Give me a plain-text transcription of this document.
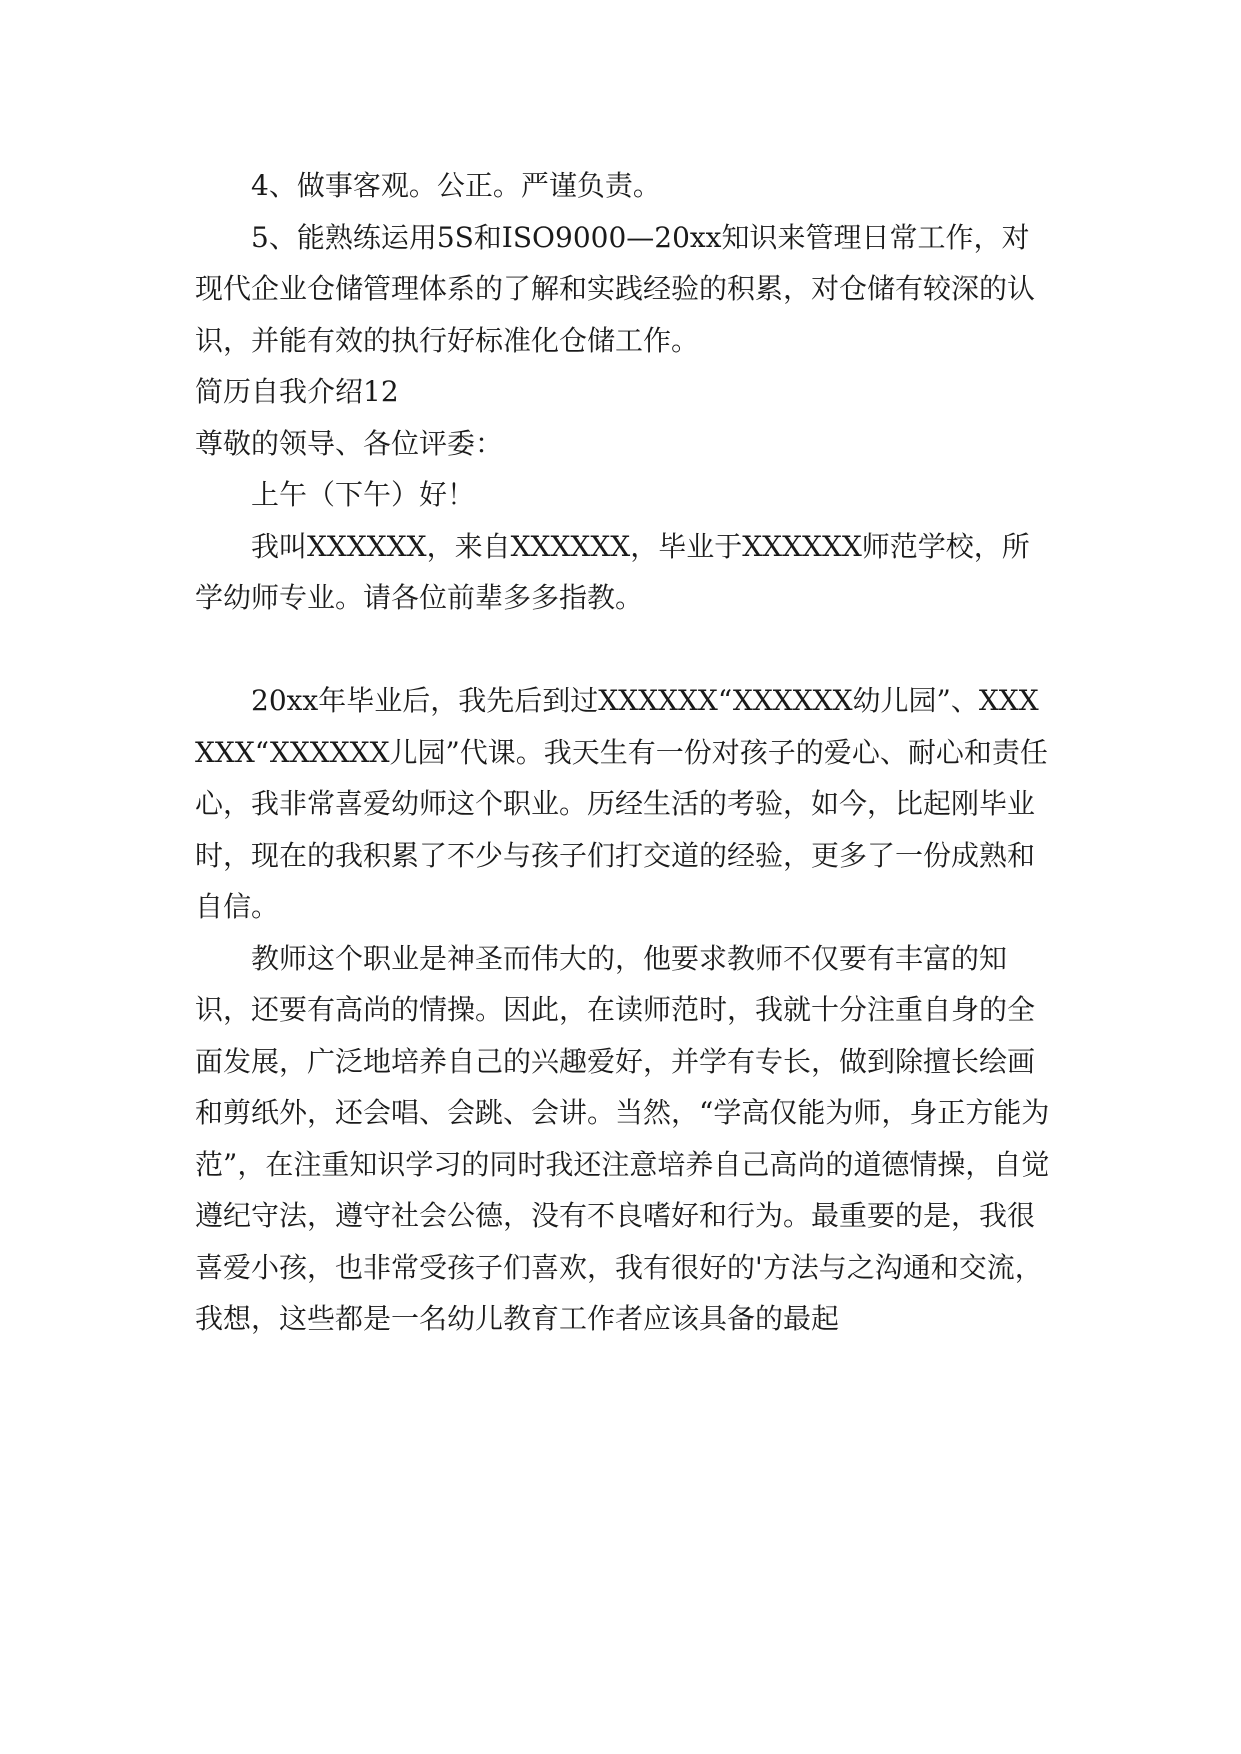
4、做事客观。公正。严谨负责。

5、能熟练运用5S和ISO9000—20xx知识来管理日常工作，对现代企业仓储管理体系的了解和实践经验的积累，对仓储有较深的认识，并能有效的执行好标准化仓储工作。

简历自我介绍12

尊敬的领导、各位评委：

上午（下午）好！

我叫XXXXXX，来自XXXXXX，毕业于XXXXXX师范学校，所学幼师专业。请各位前辈多多指教。

20xx年毕业后，我先后到过XXXXXX“XXXXXX幼儿园”、XXXXXX“XXXXXX儿园”代课。我天生有一份对孩子的爱心、耐心和责任心，我非常喜爱幼师这个职业。历经生活的考验，如今，比起刚毕业时，现在的我积累了不少与孩子们打交道的经验，更多了一份成熟和自信。

教师这个职业是神圣而伟大的，他要求教师不仅要有丰富的知识，还要有高尚的情操。因此，在读师范时，我就十分注重自身的全面发展，广泛地培养自己的兴趣爱好，并学有专长，做到除擅长绘画和剪纸外，还会唱、会跳、会讲。当然，“学高仅能为师，身正方能为范”，在注重知识学习的同时我还注意培养自己高尚的道德情操，自觉遵纪守法，遵守社会公德，没有不良嗜好和行为。最重要的是，我很喜爱小孩，也非常受孩子们喜欢，我有很好的'方法与之沟通和交流，我想，这些都是一名幼儿教育工作者应该具备的最起
